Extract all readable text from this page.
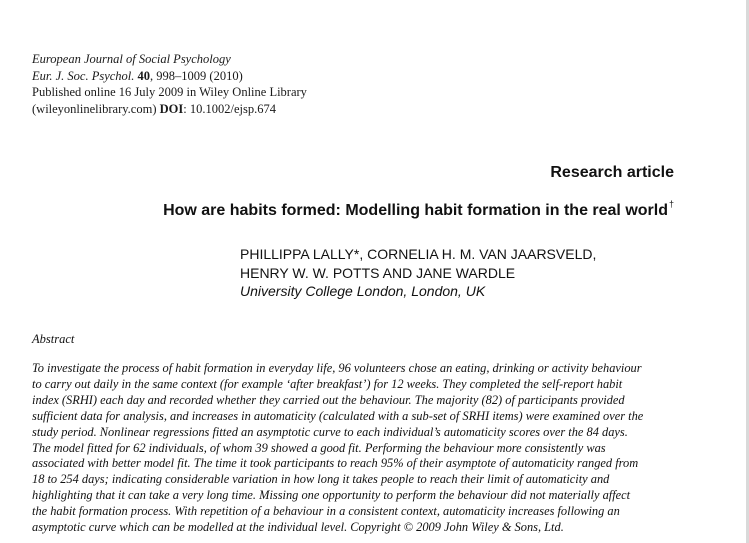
European Journal of Social Psychology
Eur. J. Soc. Psychol. 40, 998–1009 (2010)
Published online 16 July 2009 in Wiley Online Library
(wileyonlinelibrary.com) DOI: 10.1002/ejsp.674
Research article
How are habits formed: Modelling habit formation in the real world†
PHILLIPPA LALLY*, CORNELIA H. M. VAN JAARSVELD,
HENRY W. W. POTTS AND JANE WARDLE
University College London, London, UK
Abstract
To investigate the process of habit formation in everyday life, 96 volunteers chose an eating, drinking or activity behaviour
to carry out daily in the same context (for example ‘after breakfast’) for 12 weeks. They completed the self-report habit
index (SRHI) each day and recorded whether they carried out the behaviour. The majority (82) of participants provided
sufficient data for analysis, and increases in automaticity (calculated with a sub-set of SRHI items) were examined over the
study period. Nonlinear regressions fitted an asymptotic curve to each individual’s automaticity scores over the 84 days.
The model fitted for 62 individuals, of whom 39 showed a good fit. Performing the behaviour more consistently was
associated with better model fit. The time it took participants to reach 95% of their asymptote of automaticity ranged from
18 to 254 days; indicating considerable variation in how long it takes people to reach their limit of automaticity and
highlighting that it can take a very long time. Missing one opportunity to perform the behaviour did not materially affect
the habit formation process. With repetition of a behaviour in a consistent context, automaticity increases following an
asymptotic curve which can be modelled at the individual level. Copyright © 2009 John Wiley & Sons, Ltd.
